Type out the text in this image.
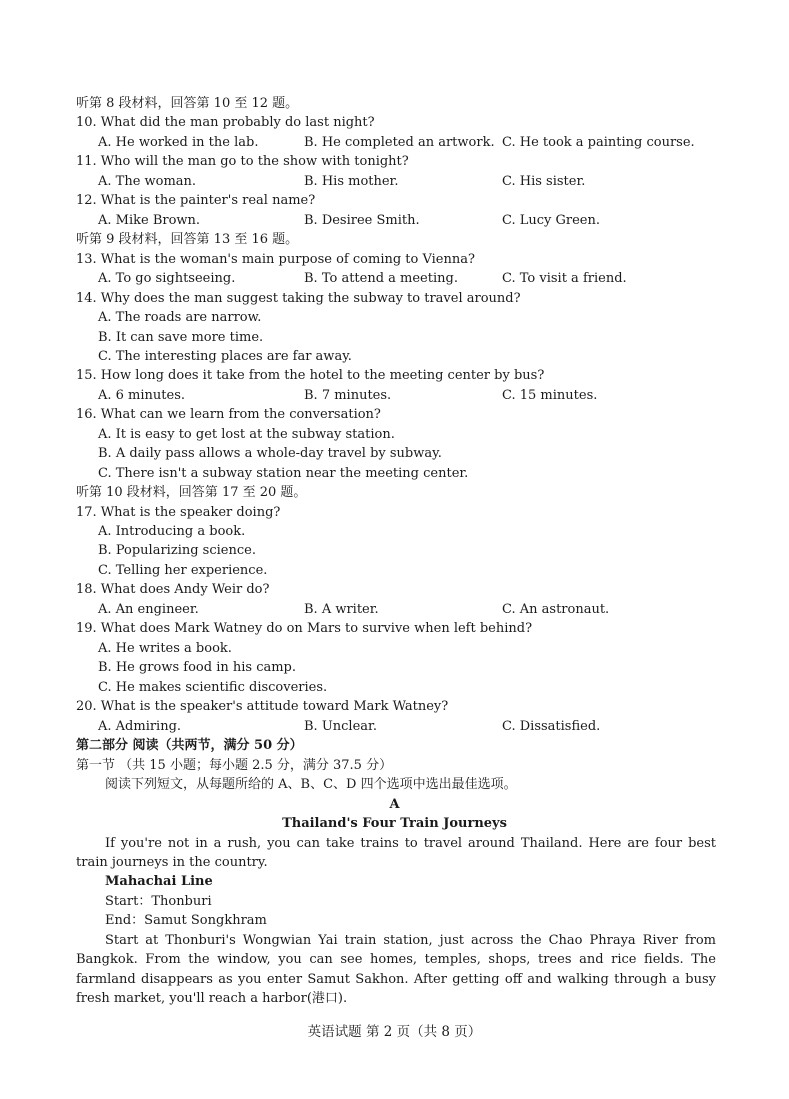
听第 8 段材料，回答第 10 至 12 题。
10. What did the man probably do last night?
A. He worked in the lab.	B. He completed an artwork. C. He took a painting course.
11. Who will the man go to the show with tonight?
A. The woman.	B. His mother.	C. His sister.
12. What is the painter's real name?
A. Mike Brown.	B. Desiree Smith.	C. Lucy Green.
听第 9 段材料，回答第 13 至 16 题。
13. What is the woman's main purpose of coming to Vienna?
A. To go sightseeing.	B. To attend a meeting.	C. To visit a friend.
14. Why does the man suggest taking the subway to travel around?
A. The roads are narrow.
B. It can save more time.
C. The interesting places are far away.
15. How long does it take from the hotel to the meeting center by bus?
A. 6 minutes.	B. 7 minutes.	C. 15 minutes.
16. What can we learn from the conversation?
A. It is easy to get lost at the subway station.
B. A daily pass allows a whole-day travel by subway.
C. There isn't a subway station near the meeting center.
听第 10 段材料，回答第 17 至 20 题。
17. What is the speaker doing?
A. Introducing a book.
B. Popularizing science.
C. Telling her experience.
18. What does Andy Weir do?
A. An engineer.	B. A writer.	C. An astronaut.
19. What does Mark Watney do on Mars to survive when left behind?
A. He writes a book.
B. He grows food in his camp.
C. He makes scientific discoveries.
20. What is the speaker's attitude toward Mark Watney?
A. Admiring.	B. Unclear.	C. Dissatisfied.
第二部分 阅读（共两节，满分 50 分）
第一节 （共 15 小题；每小题 2.5 分，满分 37.5 分）
阅读下列短文，从每题所给的 A、B、C、D 四个选项中选出最佳选项。
A
Thailand's Four Train Journeys
If you're not in a rush, you can take trains to travel around Thailand. Here are four best
train journeys in the country.
Mahachai Line
Start：Thonburi
End：Samut Songkhram
Start at Thonburi's Wongwian Yai train station, just across the Chao Phraya River from
Bangkok. From the window, you can see homes, temples, shops, trees and rice fields. The
farmland disappears as you enter Samut Sakhon. After getting off and walking through a busy
fresh market, you'll reach a harbor(港口).
英语试题 第 2 页（共 8 页）
